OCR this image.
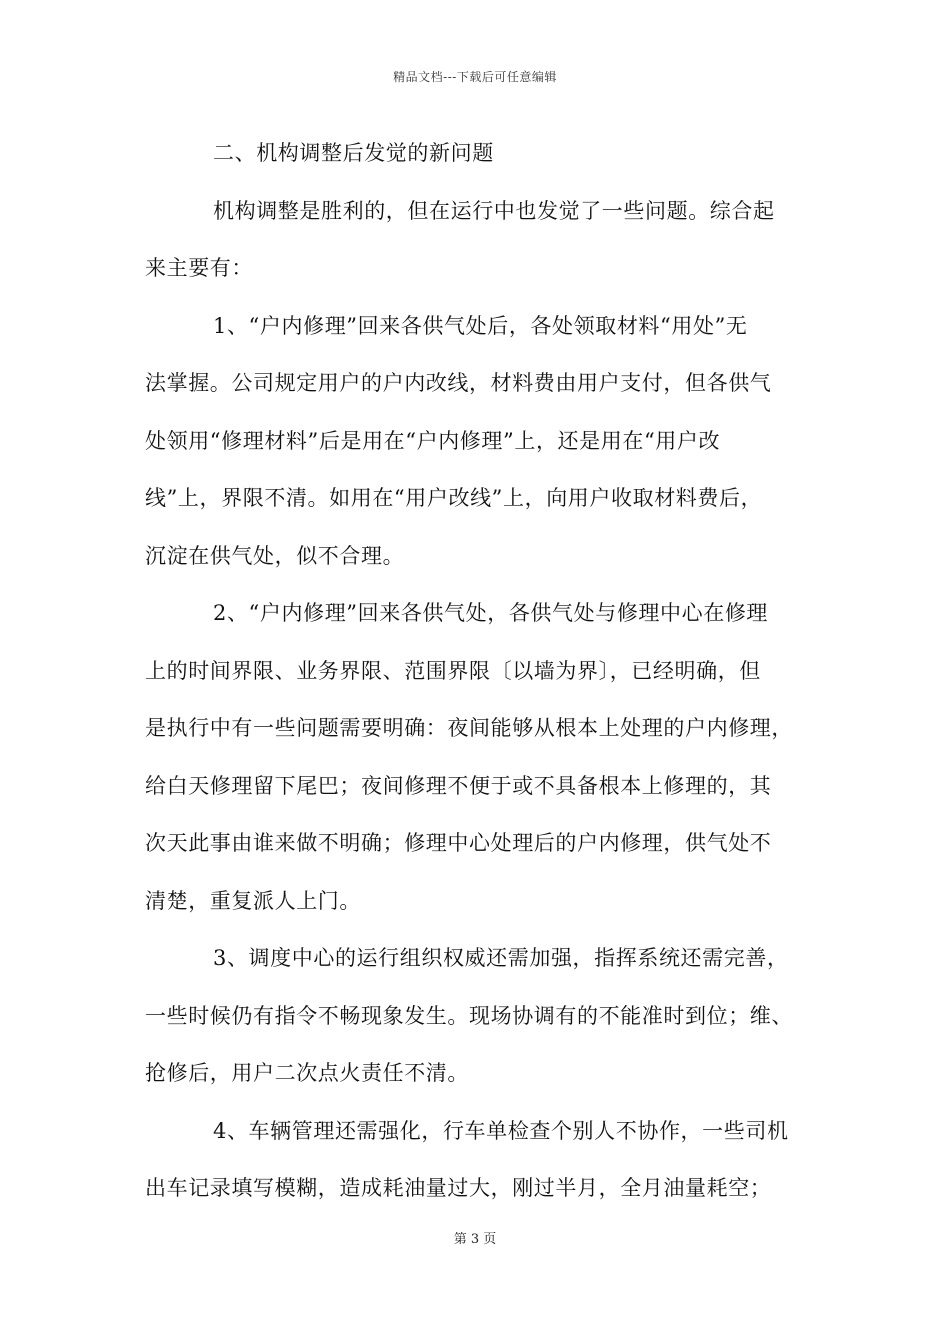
精品文档---下载后可任意编辑
二、机构调整后发觉的新问题
机构调整是胜利的，但在运行中也发觉了一些问题。综合起
来主要有：
1、“户内修理”回来各供气处后，各处领取材料“用处”无
法掌握。公司规定用户的户内改线，材料费由用户支付，但各供气
处领用“修理材料”后是用在“户内修理”上，还是用在“用户改
线”上，界限不清。如用在“用户改线”上，向用户收取材料费后，
沉淀在供气处，似不合理。
2、“户内修理”回来各供气处，各供气处与修理中心在修理
上的时间界限、业务界限、范围界限〔以墙为界〕，已经明确，但
是执行中有一些问题需要明确：夜间能够从根本上处理的户内修理，
给白天修理留下尾巴；夜间修理不便于或不具备根本上修理的，其
次天此事由谁来做不明确；修理中心处理后的户内修理，供气处不
清楚，重复派人上门。
3、调度中心的运行组织权威还需加强，指挥系统还需完善，
一些时候仍有指令不畅现象发生。现场协调有的不能准时到位；维、
抢修后，用户二次点火责任不清。
4、车辆管理还需强化，行车单检查个别人不协作，一些司机
出车记录填写模糊，造成耗油量过大，刚过半月，全月油量耗空；
第 3 页
